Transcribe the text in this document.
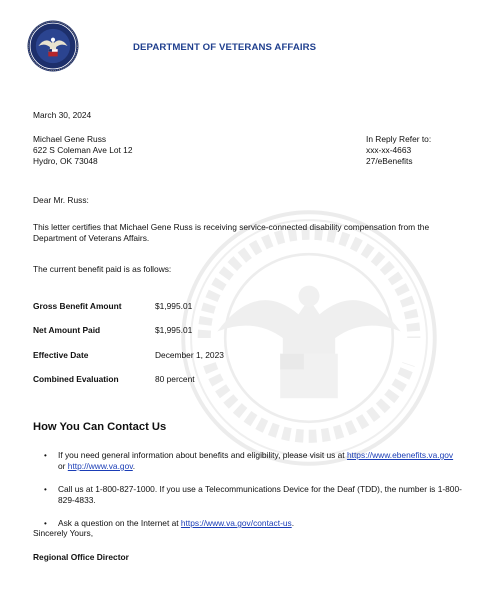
DEPARTMENT OF VETERANS AFFAIRS
March 30, 2024
Michael Gene Russ
622 S Coleman Ave Lot 12
Hydro, OK 73048
In Reply Refer to:
xxx-xx-4663
27/eBenefits
Dear Mr. Russ:
This letter certifies that Michael Gene Russ is receiving service-connected disability compensation from the Department of Veterans Affairs.
The current benefit paid is as follows:
Gross Benefit Amount	$1,995.01
Net Amount Paid	$1,995.01
Effective Date	December 1, 2023
Combined Evaluation	80 percent
How You Can Contact Us
• If you need general information about benefits and eligibility, please visit us at https://www.ebenefits.va.gov
or http://www.va.gov.
• Call us at 1-800-827-1000. If you use a Telecommunications Device for the Deaf (TDD), the number is 1-800-829-4833.
• Ask a question on the Internet at https://www.va.gov/contact-us.
Sincerely Yours,
Regional Office Director
